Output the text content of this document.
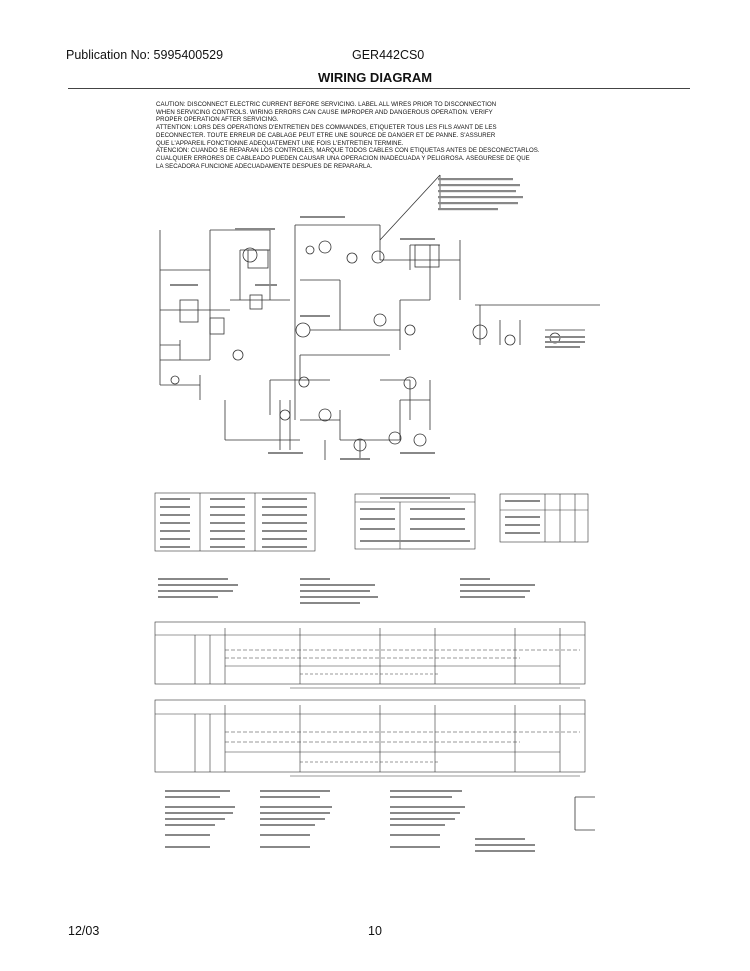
Publication No: 5995400529	GER442CS0
WIRING DIAGRAM
CAUTION: DISCONNECT ELECTRIC CURRENT BEFORE SERVICING. LABEL ALL WIRES PRIOR TO DISCONNECTION
WHEN SERVICING CONTROLS. WIRING ERRORS CAN CAUSE IMPROPER AND DANGEROUS OPERATION. VERIFY
PROPER OPERATION AFTER SERVICING.
ATTENTION: LORS DES OPERATIONS D'ENTRETIEN DES COMMANDES, ETIQUETER TOUS LES FILS AVANT DE LES
DECONNECTER. TOUTE ERREUR DE CABLAGE PEUT ETRE UNE SOURCE DE DANGER ET DE PANNE. S'ASSURER
QUE L'APPAREIL FONCTIONNE ADEQUATEMENT UNE FOIS L'ENTRETIEN TERMINE.
ATENCION: CUANDO SE REPARAN LOS CONTROLES, MARQUE TODOS CABLES CON ETIQUETAS ANTES DE DESCONECTARLOS.
CUALQUIER ERRORES DE CABLEADO PUEDEN CAUSAR UNA OPERACION INADECUADA Y PELIGROSA. ASEGURESE DE QUE
LA SECADORA FUNCIONE ADECUADAMENTE DESPUES DE REPARARLA.
12/03	10
